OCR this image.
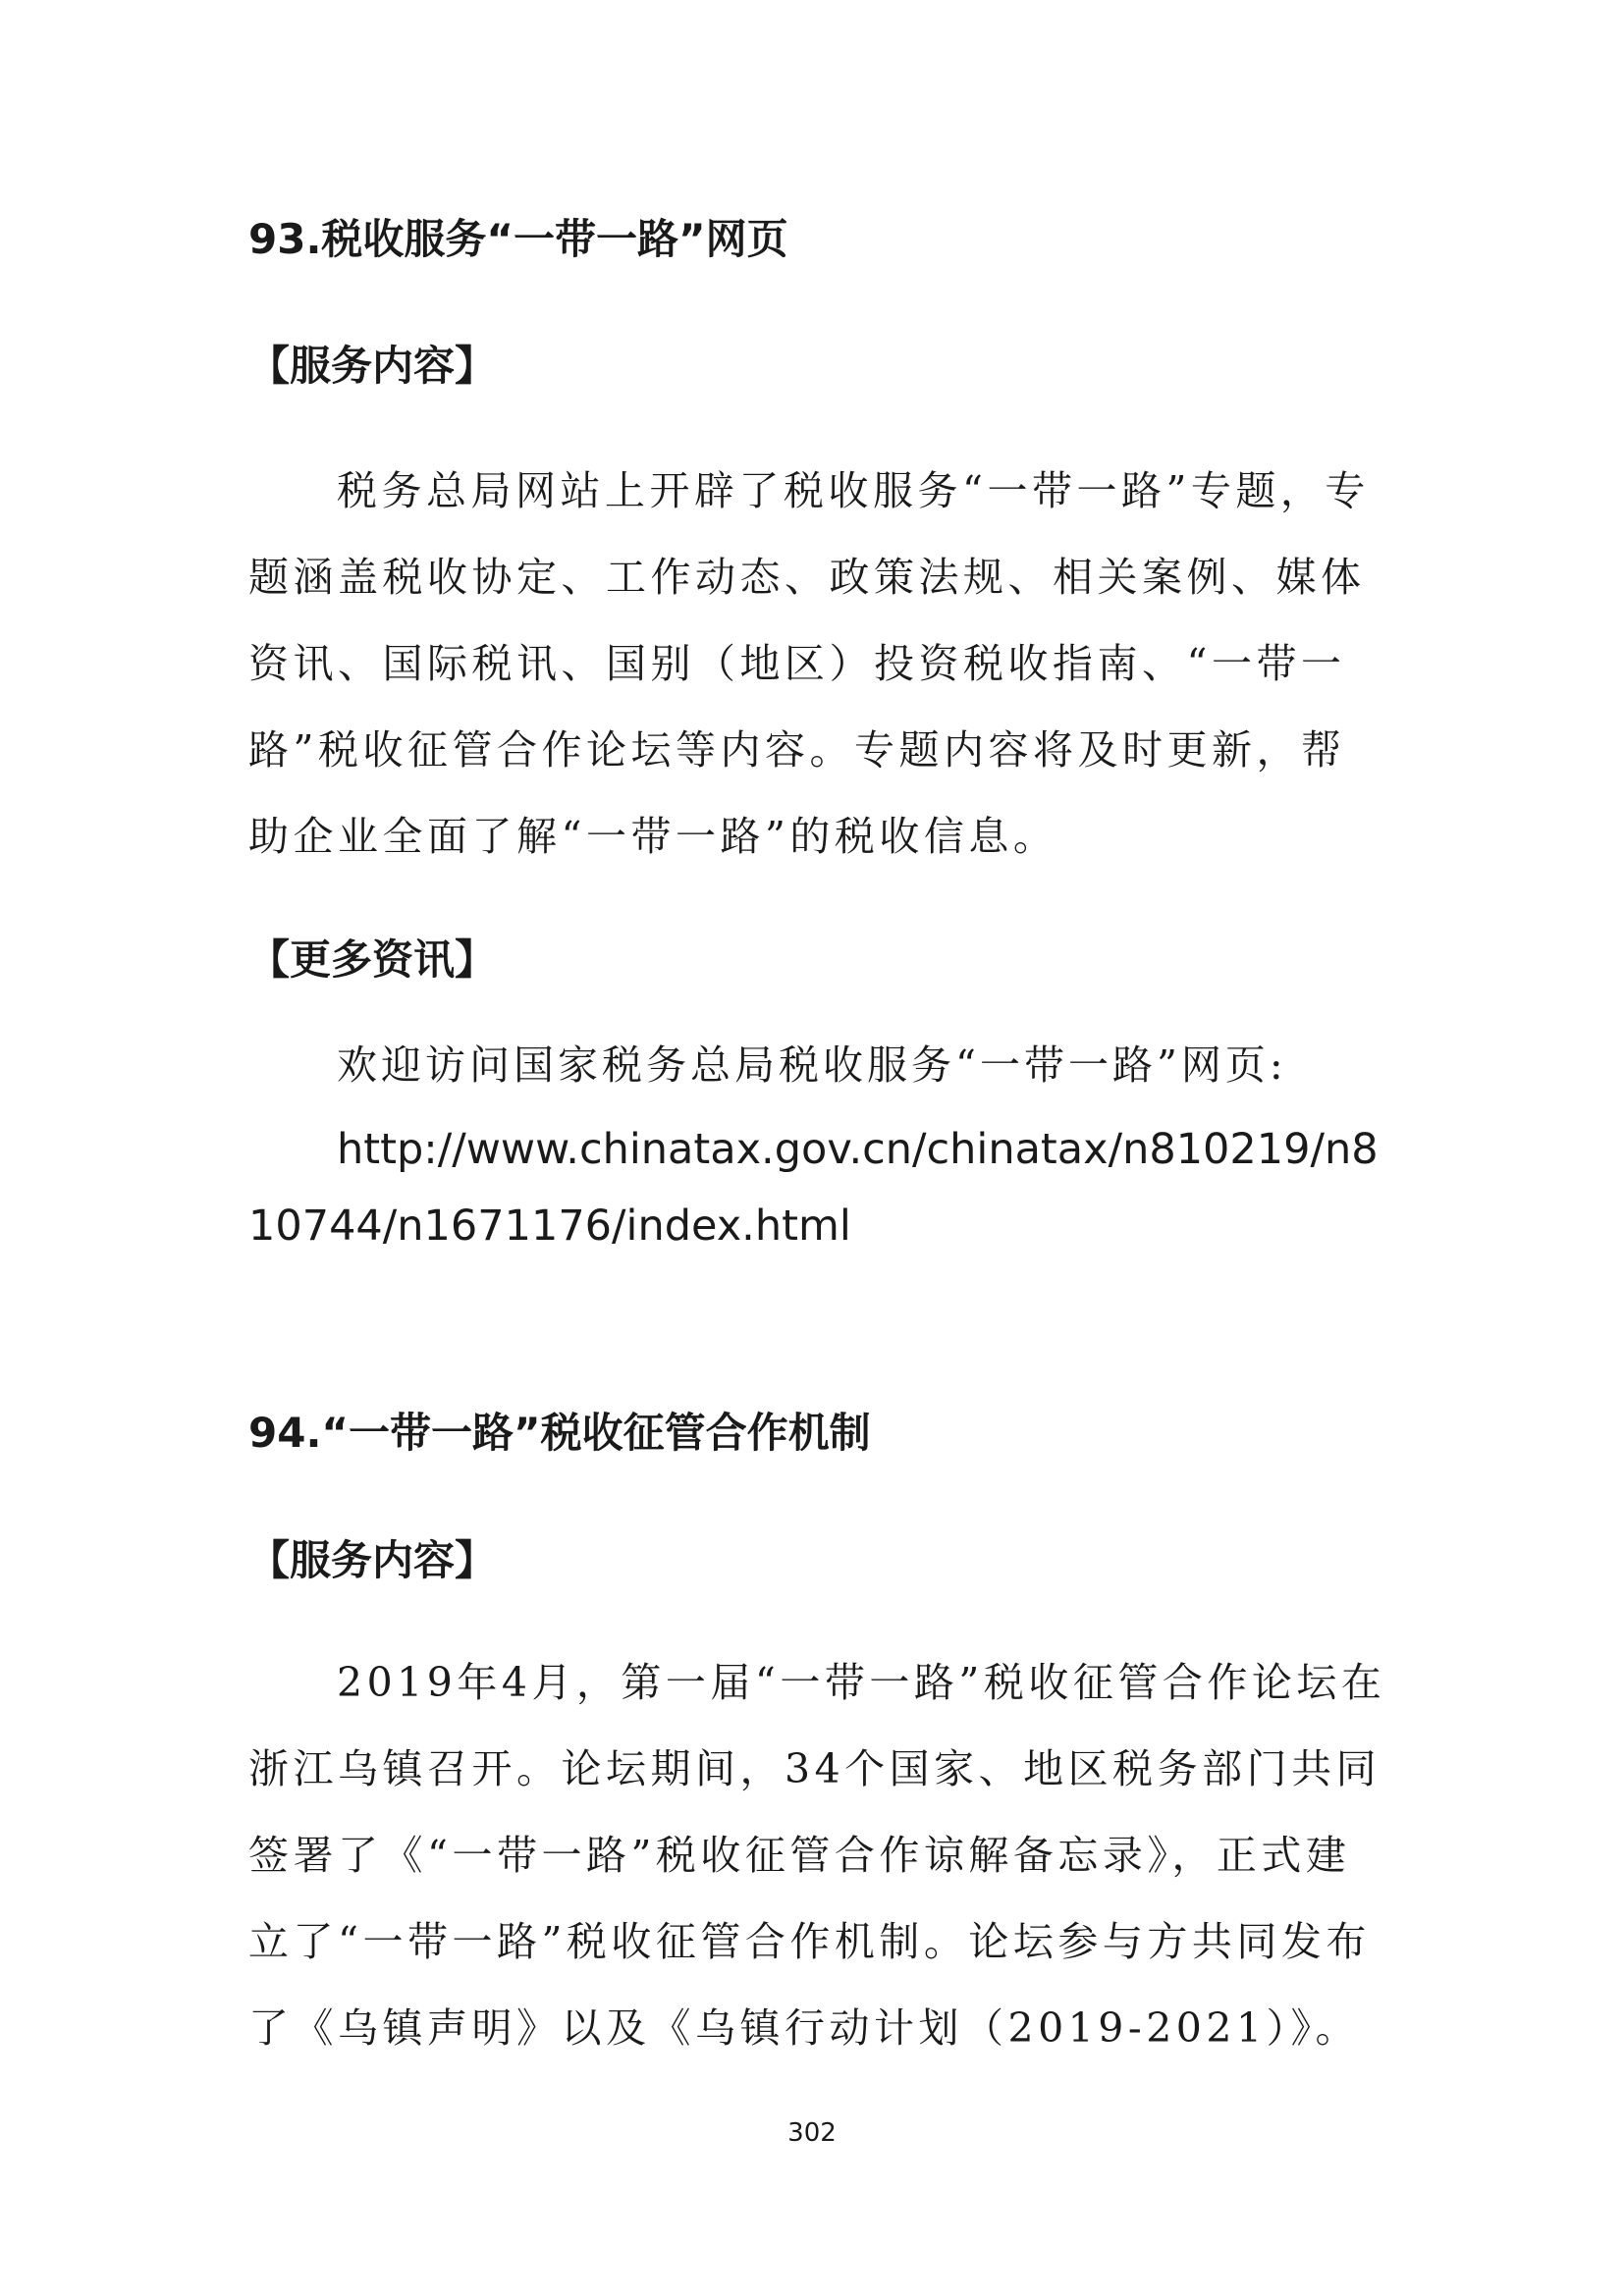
93.税收服务“一带一路”网页
【服务内容】

税务总局网站上开辟了税收服务“一带一路”专题，专题涵盖税收协定、工作动态、政策法规、相关案例、媒体资讯、国际税讯、国别（地区）投资税收指南、“一带一路”税收征管合作论坛等内容。专题内容将及时更新，帮助企业全面了解“一带一路”的税收信息。

【更多资讯】
欢迎访问国家税务总局税收服务“一带一路”网页:

http://www.chinatax.gov.cn/chinatax/n810219/n810744/n1671176/index.html

94.“一带一路”税收征管合作机制
【服务内容】

2019年4月，第一届“一带一路”税收征管合作论坛在浙江乌镇召开。论坛期间，34个国家、地区税务部门共同签署了《“一带一路”税收征管合作谅解备忘录》，正式建立了“一带一路”税收征管合作机制。论坛参与方共同发布了《乌镇声明》以及《乌镇行动计划（2019-2021）》。

302
